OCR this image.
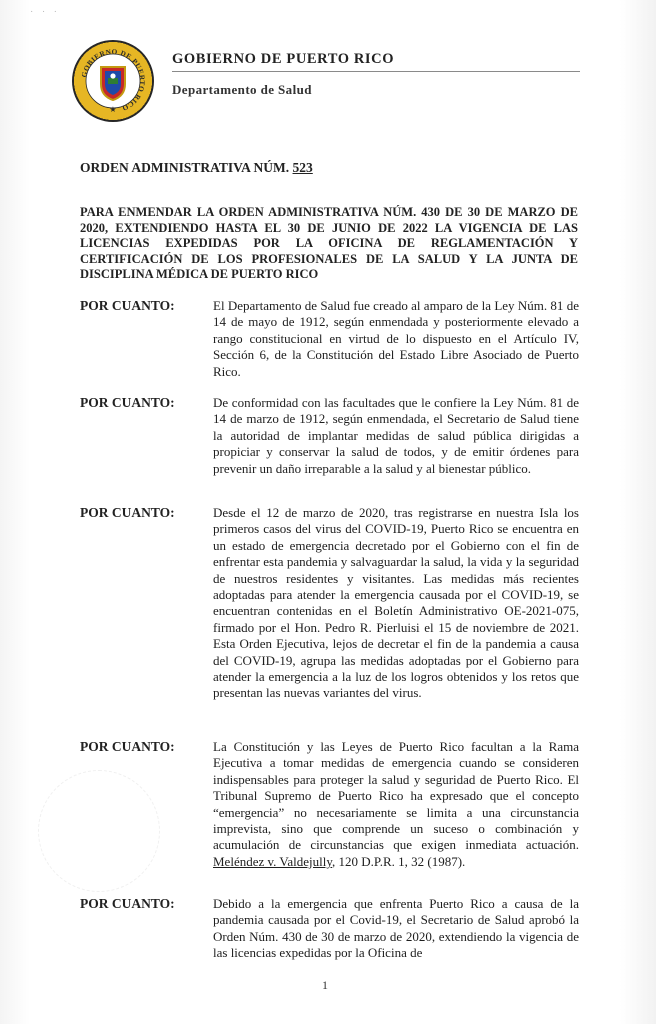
˙ ˙ ˙
GOBIERNO DE PUERTO RICO
★
GOBIERNO DE PUERTO RICO
Departamento de Salud
ORDEN ADMINISTRATIVA NÚM. 523
PARA ENMENDAR LA ORDEN ADMINISTRATIVA NÚM. 430 DE 30 DE MARZO DE 2020, EXTENDIENDO HASTA EL 30 DE JUNIO DE 2022 LA VIGENCIA DE LAS LICENCIAS EXPEDIDAS POR LA OFICINA DE REGLAMENTACIÓN Y CERTIFICACIÓN DE LOS PROFESIONALES DE LA SALUD Y LA JUNTA DE DISCIPLINA MÉDICA DE PUERTO RICO
POR CUANTO:	El Departamento de Salud fue creado al amparo de la Ley Núm. 81 de 14 de mayo de 1912, según enmendada y posteriormente elevado a rango constitucional en virtud de lo dispuesto en el Artículo IV, Sección 6, de la Constitución del Estado Libre Asociado de Puerto Rico.
POR CUANTO:	De conformidad con las facultades que le confiere la Ley Núm. 81 de 14 de marzo de 1912, según enmendada, el Secretario de Salud tiene la autoridad de implantar medidas de salud pública dirigidas a propiciar y conservar la salud de todos, y de emitir órdenes para prevenir un daño irreparable a la salud y al bienestar público.
POR CUANTO:	Desde el 12 de marzo de 2020, tras registrarse en nuestra Isla los primeros casos del virus del COVID-19, Puerto Rico se encuentra en un estado de emergencia decretado por el Gobierno con el fin de enfrentar esta pandemia y salvaguardar la salud, la vida y la seguridad de nuestros residentes y visitantes. Las medidas más recientes adoptadas para atender la emergencia causada por el COVID-19, se encuentran contenidas en el Boletín Administrativo OE-2021-075, firmado por el Hon. Pedro R. Pierluisi el 15 de noviembre de 2021. Esta Orden Ejecutiva, lejos de decretar el fin de la pandemia a causa del COVID-19, agrupa las medidas adoptadas por el Gobierno para atender la emergencia a la luz de los logros obtenidos y los retos que presentan las nuevas variantes del virus.
POR CUANTO:	La Constitución y las Leyes de Puerto Rico facultan a la Rama Ejecutiva a tomar medidas de emergencia cuando se consideren indispensables para proteger la salud y seguridad de Puerto Rico. El Tribunal Supremo de Puerto Rico ha expresado que el concepto “emergencia” no necesariamente se limita a una circunstancia imprevista, sino que comprende un suceso o combinación y acumulación de circunstancias que exigen inmediata actuación. Meléndez v. Valdejully, 120 D.P.R. 1, 32 (1987).
POR CUANTO:	Debido a la emergencia que enfrenta Puerto Rico a causa de la pandemia causada por el Covid-19, el Secretario de Salud aprobó la Orden Núm. 430 de 30 de marzo de 2020, extendiendo la vigencia de las licencias expedidas por la Oficina de
1
